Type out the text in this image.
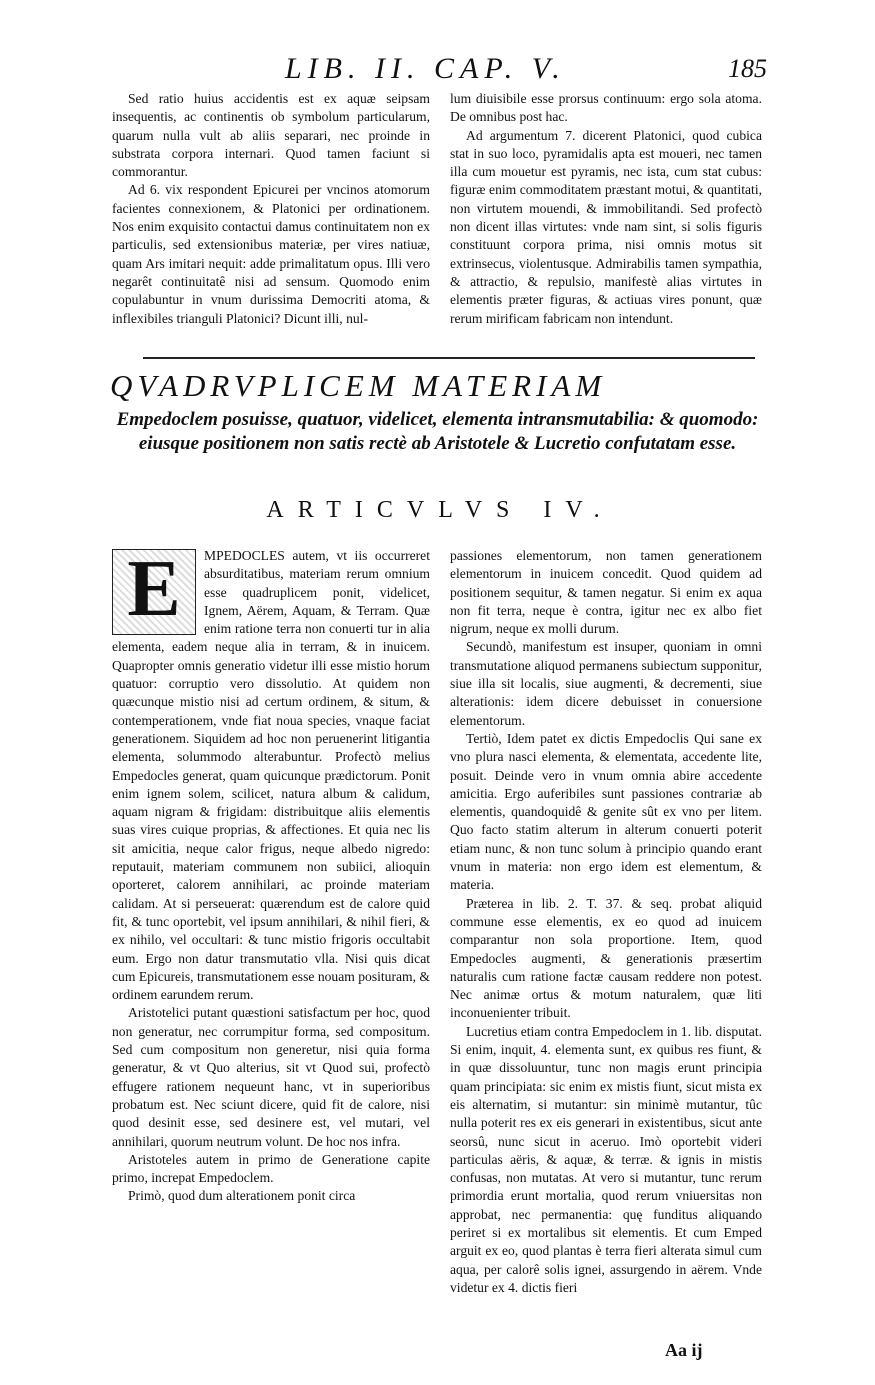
LIB. II. CAP. V.	185

Sed ratio huius accidentis est ex aquæ seipsam insequentis, ac continentis ob symbolum particularum, quarum nulla vult ab aliis separari, nec proinde in substrata corpora internari. Quod tamen faciunt si commorantur.

Ad 6. vix respondent Epicurei per vncinos atomorum facientes connexionem, & Platonici per ordinationem. Nos enim exquisito contactui damus continuitatem non ex particulis, sed extensionibus materiæ, per vires natiuæ, quam Ars imitari nequit: adde primalitatum opus. Illi vero negarêt continuitatê nisi ad sensum. Quomodo enim copulabuntur in vnum durissima Democriti atoma, & inflexibiles trianguli Platonici? Dicunt illi, nul-

lum diuisibile esse prorsus continuum: ergo sola atoma. De omnibus post hac.

Ad argumentum 7. dicerent Platonici, quod cubica stat in suo loco, pyramidalis apta est moueri, nec tamen illa cum mouetur est pyramis, nec ista, cum stat cubus: figuræ enim commoditatem præstant motui, & quantitati, non virtutem mouendi, & immobilitandi. Sed profectò non dicent illas virtutes: vnde nam sint, si solis figuris constituunt corpora prima, nisi omnis motus sit extrinsecus, violentusque. Admirabilis tamen sympathia, & attractio, & repulsio, manifestè alias virtutes in elementis præter figuras, & actiuas vires ponunt, quæ rerum mirificam fabricam non intendunt.

QVADRVPLICEM MATERIAM
Empedoclem posuisse, quatuor, videlicet, elementa intransmutabilia: & quomodo: eiusque positionem non satis rectè ab Aristotele & Lucretio confutatam esse.
ARTICVLVS IV.

E	MPEDOCLES autem, vt iis occurreret absurditatibus, materiam rerum omnium esse quadruplicem ponit, videlicet, Ignem, Aërem, Aquam, & Terram. Quæ enim ratione terra non conuerti tur in alia elementa, eadem neque alia in terram, & in inuicem. Quapropter omnis generatio videtur illi esse mistio horum quatuor: corruptio vero dissolutio. At quidem non quæcunque mistio nisi ad certum ordinem, & situm, & contemperationem, vnde fiat noua species, vnaque faciat generationem. Siquidem ad hoc non peruenerint litigantia elementa, solummodo alterabuntur. Profectò melius Empedocles generat, quam quicunque prædictorum. Ponit enim ignem solem, scilicet, natura album & calidum, aquam nigram & frigidam: distribuitque aliis elementis suas vires cuique proprias, & affectiones. Et quia nec lis sit amicitia, neque calor frigus, neque albedo nigredo: reputauit, materiam communem non subiici, alioquin oporteret, calorem annihilari, ac proinde materiam calidam. At si perseuerat: quærendum est de calore quid fit, & tunc oportebit, vel ipsum annihilari, & nihil fieri, & ex nihilo, vel occultari: & tunc mistio frigoris occultabit eum. Ergo non datur transmutatio vlla. Nisi quis dicat cum Epicureis, transmutationem esse nouam posituram, & ordinem earundem rerum.

Aristotelici putant quæstioni satisfactum per hoc, quod non generatur, nec corrumpitur forma, sed compositum. Sed cum compositum non generetur, nisi quia forma generatur, & vt Quo alterius, sit vt Quod sui, profectò effugere rationem nequeunt hanc, vt in superioribus probatum est. Nec sciunt dicere, quid fit de calore, nisi quod desinit esse, sed desinere est, vel mutari, vel annihilari, quorum neutrum volunt. De hoc nos infra.

Aristoteles autem in primo de Generatione capite primo, increpat Empedoclem.

Primò, quod dum alterationem ponit circa

passiones elementorum, non tamen generationem elementorum in inuicem concedit. Quod quidem ad positionem sequitur, & tamen negatur. Si enim ex aqua non fit terra, neque è contra, igitur nec ex albo fiet nigrum, neque ex molli durum.

Secundò, manifestum est insuper, quoniam in omni transmutatione aliquod permanens subiectum supponitur, siue illa sit localis, siue augmenti, & decrementi, siue alterationis: idem dicere debuisset in conuersione elementorum.

Tertiò, Idem patet ex dictis Empedoclis Qui sane ex vno plura nasci elementa, & elementata, accedente lite, posuit. Deinde vero in vnum omnia abire accedente amicitia. Ergo auferibiles sunt passiones contrariæ ab elementis, quandoquidê & genite sût ex vno per litem. Quo facto statim alterum in alterum conuerti poterit etiam nunc, & non tunc solum à principio quando erant vnum in materia: non ergo idem est elementum, & materia.

Præterea in lib. 2. T. 37. & seq. probat aliquid commune esse elementis, ex eo quod ad inuicem comparantur non sola proportione. Item, quod Empedocles augmenti, & generationis præsertim naturalis cum ratione factæ causam reddere non potest. Nec animæ ortus & motum naturalem, quæ liti inconuenienter tribuit.

Lucretius etiam contra Empedoclem in 1. lib. disputat. Si enim, inquit, 4. elementa sunt, ex quibus res fiunt, & in quæ dissoluuntur, tunc non magis erunt principia quam principiata: sic enim ex mistis fiunt, sicut mista ex eis alternatim, si mutantur: sin minimè mutantur, tûc nulla poterit res ex eis generari in existentibus, sicut ante seorsû, nunc sicut in aceruo. Imò oportebit videri particulas aëris, & aquæ, & terræ. & ignis in mistis confusas, non mutatas. At vero si mutantur, tunc rerum primordia erunt mortalia, quod rerum vniuersitas non approbat, nec permanentia: quę funditus aliquando periret si ex mortalibus sit elementis. Et cum Emped arguit ex eo, quod plantas è terra fieri alterata simul cum aqua, per calorê solis ignei, assurgendo in aërem. Vnde videtur ex 4. dictis fieri

Aa ij
